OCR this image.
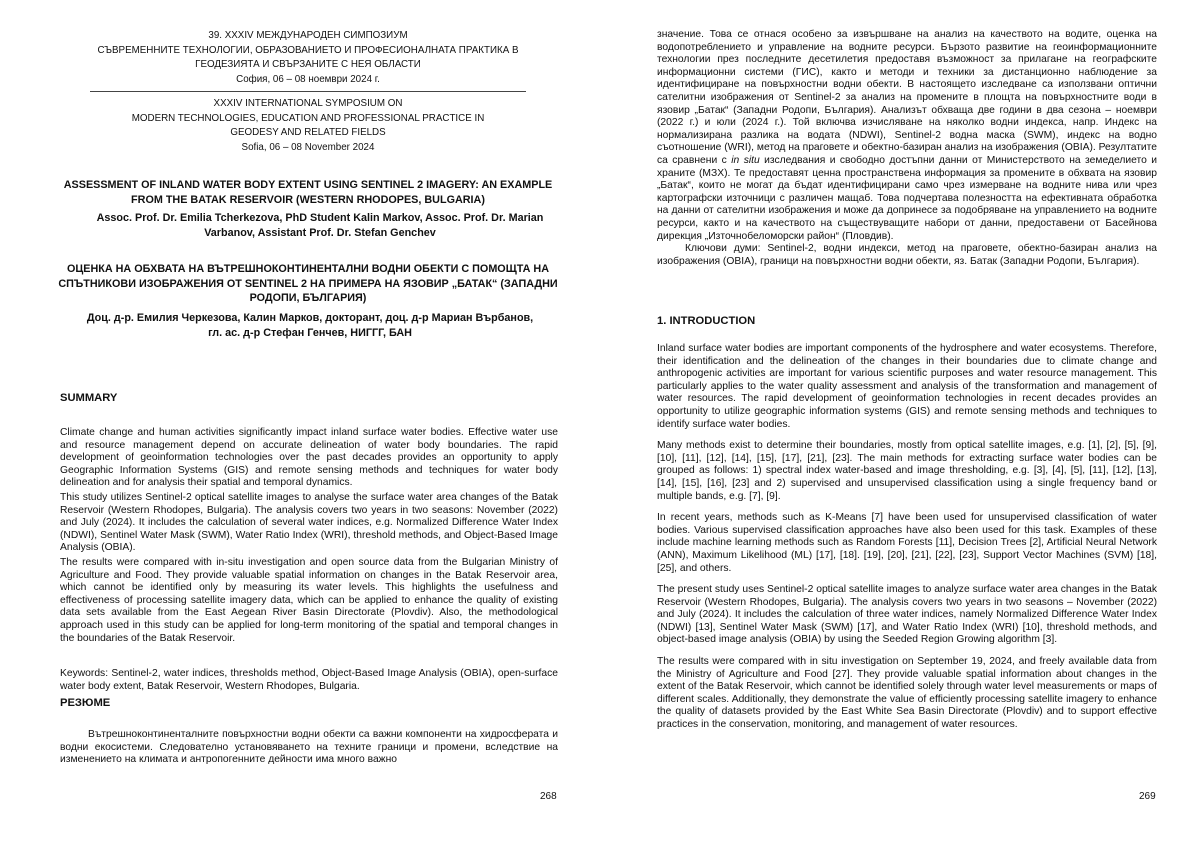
39. XXXIV МЕЖДУНАРОДЕН СИМПОЗИУМ
СЪВРЕМЕННИТЕ ТЕХНОЛОГИИ, ОБРАЗОВАНИЕТО И ПРОФЕСИОНАЛНАТА ПРАКТИКА В
ГЕОДЕЗИЯТА И СВЪРЗАНИТЕ С НЕЯ ОБЛАСТИ
София, 06 – 08 ноември 2024 г.
XXXIV INTERNATIONAL SYMPOSIUM ON
MODERN TECHNOLOGIES, EDUCATION AND PROFESSIONAL PRACTICE IN
GEODESY AND RELATED FIELDS
Sofia, 06 – 08 November 2024
ASSESSMENT OF INLAND WATER BODY EXTENT USING SENTINEL 2 IMAGERY: AN EXAMPLE FROM THE BATAK RESERVOIR (WESTERN RHODOPES, BULGARIA)
Assoc. Prof. Dr. Emilia Tcherkezova, PhD Student Kalin Markov, Assoc. Prof. Dr. Marian Varbanov, Assistant Prof. Dr. Stefan Genchev
ОЦЕНКА НА ОБХВАТА НА ВЪТРЕШНОКОНТИНЕНТАЛНИ ВОДНИ ОБЕКТИ С ПОМОЩТА НА СПЪТНИКОВИ ИЗОБРАЖЕНИЯ ОТ SENTINEL 2 НА ПРИМЕРА НА ЯЗОВИР „БАТАК“ (ЗАПАДНИ РОДОПИ, БЪЛГАРИЯ)
Доц. д-р. Емилия Черкезова, Калин Марков, докторант, доц. д-р Мариан Върбанов,
гл. ас. д-р Стефан Генчев, НИГГГ, БАН
SUMMARY

Climate change and human activities significantly impact inland surface water bodies. Effective water use and resource management depend on accurate delineation of water body boundaries. The rapid development of geoinformation technologies over the past decades provides an opportunity to apply Geographic Information Systems (GIS) and remote sensing methods and techniques for water body delineation and for analysis their spatial and temporal dynamics.

This study utilizes Sentinel-2 optical satellite images to analyse the surface water area changes of the Batak Reservoir (Western Rhodopes, Bulgaria). The analysis covers two years in two seasons: November (2022) and July (2024). It includes the calculation of several water indices, e.g. Normalized Difference Water Index (NDWI), Sentinel Water Mask (SWM), Water Ratio Index (WRI), threshold methods, and Object-Based Image Analysis (OBIA).

The results were compared with in-situ investigation and open source data from the Bulgarian Ministry of Agriculture and Food. They provide valuable spatial information on changes in the Batak Reservoir area, which cannot be identified only by measuring its water levels. This highlights the usefulness and effectiveness of processing satellite imagery data, which can be applied to enhance the quality of existing data sets available from the East Aegean River Basin Directorate (Plovdiv). Also, the methodological approach used in this study can be applied for long-term monitoring of the spatial and temporal changes in the boundaries of the Batak Reservoir.

Keywords: Sentinel-2, water indices, thresholds method, Object-Based Image Analysis (OBIA), open-surface water body extent, Batak Reservoir, Western Rhodopes, Bulgaria.

РЕЗЮМЕ

Вътрешноконтиненталните повърхностни водни обекти са важни компоненти на хидросферата и водни екосистеми. Следователно установяването на техните граници и промени, вследствие на изменението на климата и антропогенните дейности има много важно

268

значение. Това се отнася особено за извършване на анализ на качеството на водите, оценка на водопотреблението и управление на водните ресурси. Бързото развитие на геоинформационните технологии през последните десетилетия предоставя възможност за прилагане на географските информационни системи (ГИС), както и методи и техники за дистанционно наблюдение за идентифициране на повърхностни водни обекти. В настоящето изследване са използвани оптични сателитни изображения от Sentinel-2 за анализ на промените в площта на повърхностните води в язовир „Батак“ (Западни Родопи, България). Анализът обхваща две години в два сезона – ноември (2022 г.) и юли (2024 г.). Той включва изчисляване на няколко водни индекса, напр. Индекс на нормализирана разлика на водата (NDWI), Sentinel-2 водна маска (SWM), индекс на водно съотношение (WRI), метод на праговете и обектно-базиран анализ на изображения (OBIA). Резултатите са сравнени с in situ изследвания и свободно достъпни данни от Министерството на земеделието и храните (МЗХ). Те предоставят ценна пространствена информация за промените в обхвата на язовир „Батак“, които не могат да бъдат идентифицирани само чрез измерване на водните нива или чрез картографски източници с различен мащаб. Това подчертава полезността на ефективната обработка на данни от сателитни изображения и може да допринесе за подобряване на управлението на водните ресурси, както и на качеството на съществуващите набори от данни, предоставени от Басейнова дирекция „Източнобеломорски район“ (Пловдив).

Ключови думи: Sentinel-2, водни индекси, метод на праговете, обектно-базиран анализ на изображения (OBIA), граници на повърхностни водни обекти, яз. Батак (Западни Родопи, България).

1. INTRODUCTION

Inland surface water bodies are important components of the hydrosphere and water ecosystems. Therefore, their identification and the delineation of the changes in their boundaries due to climate change and anthropogenic activities are important for various scientific purposes and water resource management. This particularly applies to the water quality assessment and analysis of the transformation and management of water resources. The rapid development of geoinformation technologies in recent decades provides an opportunity to utilize geographic information systems (GIS) and remote sensing methods and techniques to identify surface water bodies.

Many methods exist to determine their boundaries, mostly from optical satellite images, e.g. [1], [2], [5], [9], [10], [11], [12], [14], [15], [17], [21], [23]. The main methods for extracting surface water bodies can be grouped as follows: 1) spectral index water-based and image thresholding, e.g. [3], [4], [5], [11], [12], [13], [14], [15], [16], [23] and 2) supervised and unsupervised classification using a single frequency band or multiple bands, e.g. [7], [9].

In recent years, methods such as K-Means [7] have been used for unsupervised classification of water bodies. Various supervised classification approaches have also been used for this task. Examples of these include machine learning methods such as Random Forests [11], Decision Trees [2], Artificial Neural Network (ANN), Maximum Likelihood (ML) [17], [18]. [19], [20], [21], [22], [23], Support Vector Machines (SVM) [18], [25], and others.

The present study uses Sentinel-2 optical satellite images to analyze surface water area changes in the Batak Reservoir (Western Rhodopes, Bulgaria). The analysis covers two years in two seasons – November (2022) and July (2024). It includes the calculation of three water indices, namely Normalized Difference Water Index (NDWI) [13], Sentinel Water Mask (SWM) [17], and Water Ratio Index (WRI) [10], threshold methods, and object-based image analysis (OBIA) by using the Seeded Region Growing algorithm [3].

The results were compared with in situ investigation on September 19, 2024, and freely available data from the Ministry of Agriculture and Food [27]. They provide valuable spatial information about changes in the extent of the Batak Reservoir, which cannot be identified solely through water level measurements or maps of different scales. Additionally, they demonstrate the value of efficiently processing satellite imagery to enhance the quality of datasets provided by the East White Sea Basin Directorate (Plovdiv) and to support effective practices in the conservation, monitoring, and management of water resources.

269
